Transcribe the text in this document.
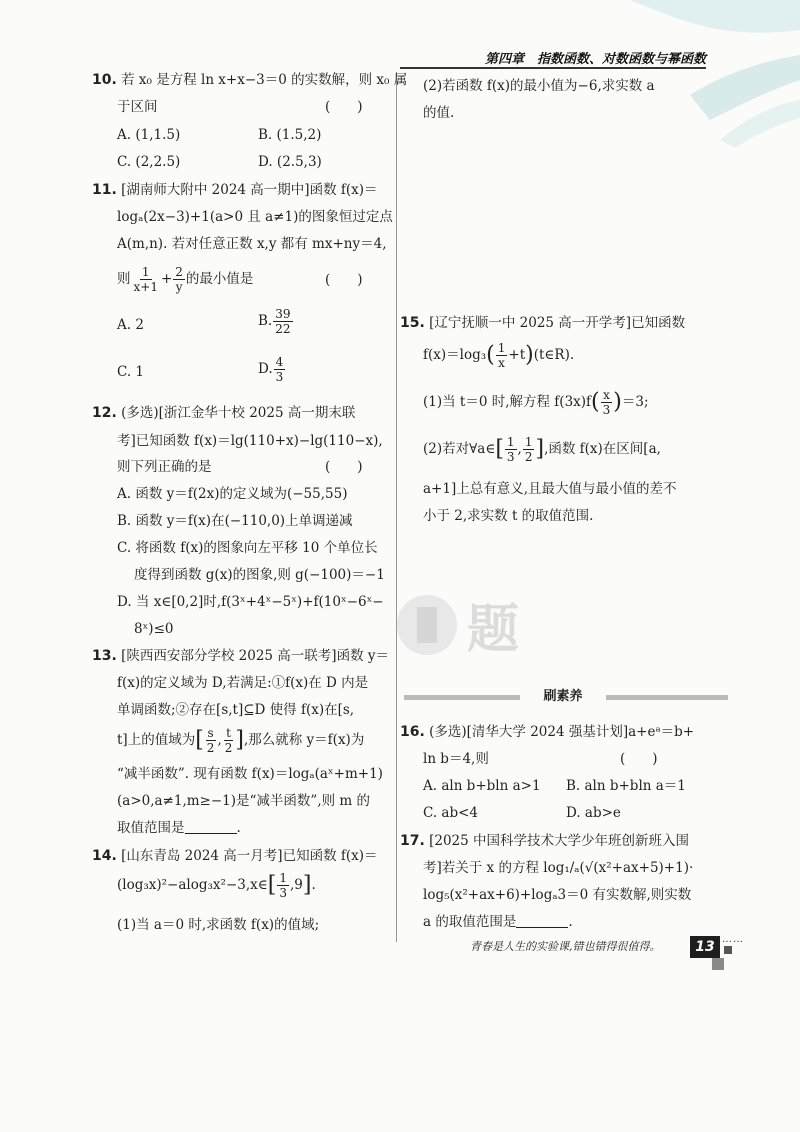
第四章　指数函数、对数函数与幂函数
10. 若 x₀ 是方程 ln x+x−3＝0 的实数解，则 x₀ 属
于区间	(　　)
A. (1,1.5)	B. (1.5,2)
C. (2,2.5)	D. (2.5,3)
11. [湖南师大附中 2024 高一期中]函数 f(x)＝
logₐ(2x−3)+1(a>0 且 a≠1)的图象恒过定点
A(m,n). 若对任意正数 x,y 都有 mx+ny＝4,
则 $\frac{1}{x+1} + \frac{2}{y}$ 的最小值是	(　　)
A. 2	B. $\frac{39}{22}$
C. 1	D. $\frac{4}{3}$
12. (多选)[浙江金华十校 2025 高一期末联
考]已知函数 f(x)＝lg(110+x)−lg(110−x),
则下列正确的是	(　　)
A. 函数 y＝f(2x)的定义域为(−55,55)
B. 函数 y＝f(x)在(−110,0)上单调递减
C. 将函数 f(x)的图象向左平移 10 个单位长
度得到函数 g(x)的图象,则 g(−100)＝−1
D. 当 x∈[0,2]时,f(3ˣ+4ˣ−5ˣ)+f(10ˣ−6ˣ−
8ˣ)≤0
13. [陕西西安部分学校 2025 高一联考]函数 y＝
f(x)的定义域为 D,若满足:①f(x)在 D 内是
单调函数;②存在[s,t]⊆D 使得 f(x)在[s,
t]上的值域为[ $\frac{s}{2}$ , $\frac{t}{2}$ ],那么就称 y＝f(x)为
“减半函数”. 现有函数 f(x)＝logₐ(aˣ+m+1)
(a>0,a≠1,m≥−1)是“减半函数”,则 m 的
取值范围是	.
14. [山东青岛 2024 高一月考]已知函数 f(x)＝
(log₃x)²−alog₃x²−3,x∈[ $\frac{1}{3} ,9$].
(1)当 a＝0 时,求函数 f(x)的值域;
(2)若函数 f(x)的最小值为−6,求实数 a
的值.
15. [辽宁抚顺一中 2025 高一开学考]已知函数
$f(x)=\log_3( \frac{1}{x}$ +t)(t∈R).
(1)当 t＝0 时,解方程 $f(3x)f( \frac{x}{3} )=3$;
(2)若对∀a∈[ $\frac{1}{3}$ , $\frac{1}{2}$ ],函数 f(x)在区间[a,
a+1]上总有意义,且最大值与最小值的差不
小于 2,求实数 t 的取值范围.
题
刷素养
16. (多选)[清华大学 2024 强基计划]a+eᵃ＝b+
ln b＝4,则	(　　)
A. aln b+bln a>1 B. aln b+bln a＝1
C. ab<4	D. ab>e
17. [2025 中国科学技术大学少年班创新班入围
考]若关于 x 的方程 log₁/ₐ(√(x²+ax+5)+1)·
log₅(x²+ax+6)+logₐ3＝0 有实数解,则实数
a 的取值范围是	.
青春是人生的实验课,错也错得很值得。	13 ……
